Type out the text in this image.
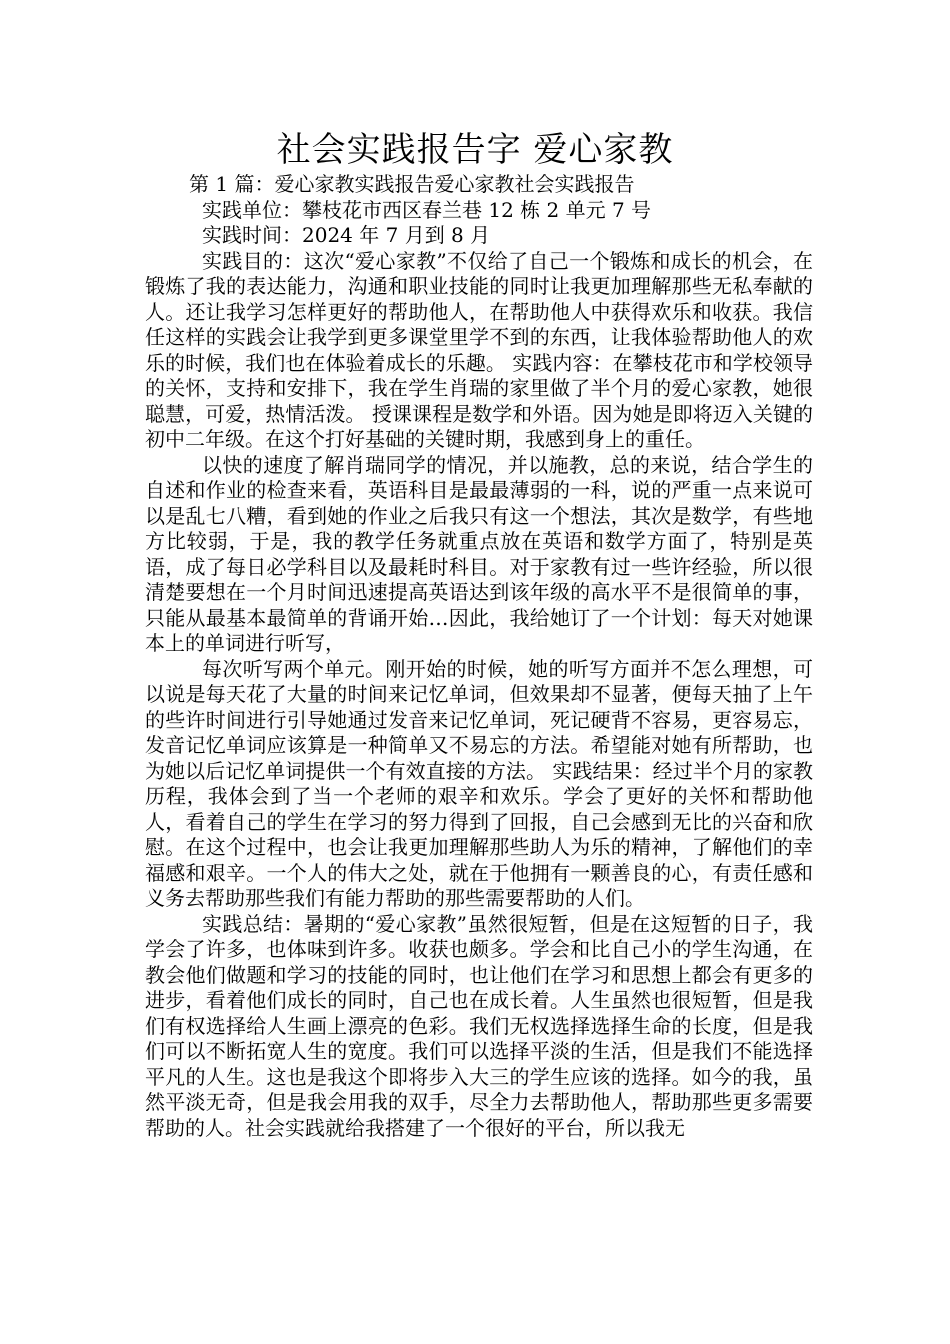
社会实践报告字 爱心家教

第 1 篇：爱心家教实践报告爱心家教社会实践报告

实践单位：攀枝花市西区春兰巷 12 栋 2 单元 7 号

实践时间：2024 年 7 月到 8 月

实践目的：这次“爱心家教”不仅给了自己一个锻炼和成长的机会，在锻炼了我的表达能力，沟通和职业技能的同时让我更加理解那些无私奉献的人。还让我学习怎样更好的帮助他人，在帮助他人中获得欢乐和收获。我信任这样的实践会让我学到更多课堂里学不到的东西，让我体验帮助他人的欢乐的时候，我们也在体验着成长的乐趣。 实践内容：在攀枝花市和学校领导的关怀，支持和安排下，我在学生肖瑞的家里做了半个月的爱心家教，她很聪慧，可爱，热情活泼。 授课课程是数学和外语。因为她是即将迈入关键的初中二年级。在这个打好基础的关键时期，我感到身上的重任。

以快的速度了解肖瑞同学的情况，并以施教，总的来说，结合学生的自述和作业的检查来看，英语科目是最最薄弱的一科，说的严重一点来说可以是乱七八糟，看到她的作业之后我只有这一个想法，其次是数学，有些地方比较弱，于是，我的教学任务就重点放在英语和数学方面了，特别是英语，成了每日必学科目以及最耗时科目。对于家教有过一些许经验，所以很清楚要想在一个月时间迅速提高英语达到该年级的高水平不是很简单的事，只能从最基本最简单的背诵开始…因此，我给她订了一个计划：每天对她课本上的单词进行听写，

每次听写两个单元。刚开始的时候，她的听写方面并不怎么理想，可以说是每天花了大量的时间来记忆单词，但效果却不显著，便每天抽了上午的些许时间进行引导她通过发音来记忆单词，死记硬背不容易，更容易忘，发音记忆单词应该算是一种简单又不易忘的方法。希望能对她有所帮助，也为她以后记忆单词提供一个有效直接的方法。 实践结果：经过半个月的家教历程，我体会到了当一个老师的艰辛和欢乐。学会了更好的关怀和帮助他人，看着自己的学生在学习的努力得到了回报，自己会感到无比的兴奋和欣慰。在这个过程中，也会让我更加理解那些助人为乐的精神，了解他们的幸福感和艰辛。一个人的伟大之处，就在于他拥有一颗善良的心，有责任感和义务去帮助那些我们有能力帮助的那些需要帮助的人们。

实践总结：暑期的“爱心家教”虽然很短暂，但是在这短暂的日子，我学会了许多，也体味到许多。收获也颇多。学会和比自己小的学生沟通，在教会他们做题和学习的技能的同时，也让他们在学习和思想上都会有更多的进步，看着他们成长的同时，自己也在成长着。人生虽然也很短暂，但是我们有权选择给人生画上漂亮的色彩。我们无权选择选择生命的长度，但是我们可以不断拓宽人生的宽度。我们可以选择平淡的生活，但是我们不能选择平凡的人生。这也是我这个即将步入大三的学生应该的选择。如今的我，虽然平淡无奇，但是我会用我的双手，尽全力去帮助他人，帮助那些更多需要帮助的人。社会实践就给我搭建了一个很好的平台，所以我无
